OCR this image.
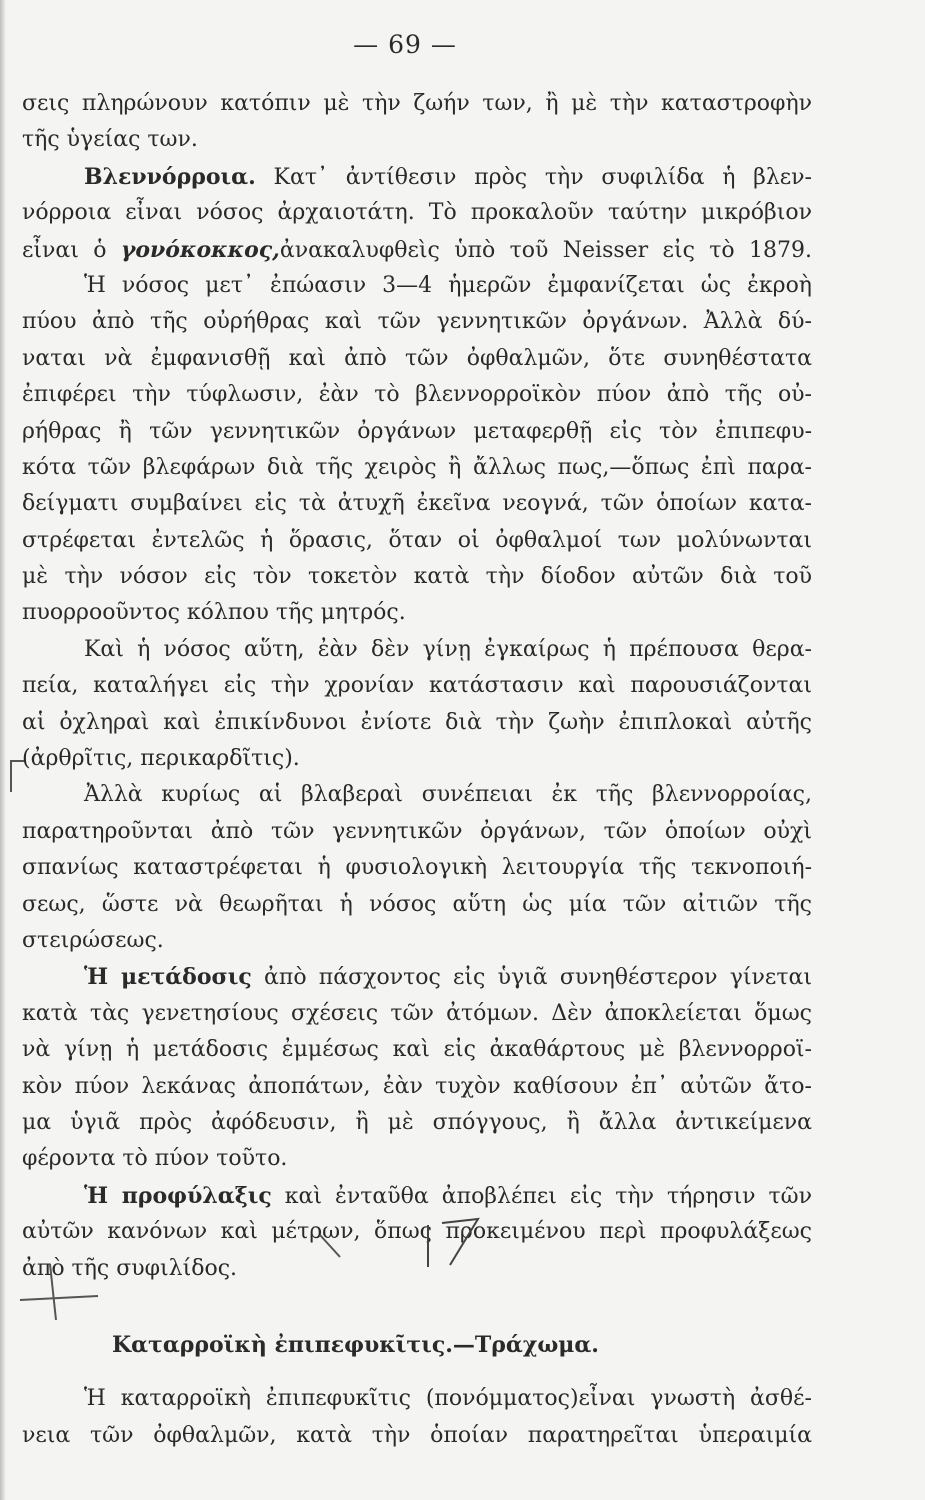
— 69 —
σεις πληρώνουν κατόπιν μὲ τὴν ζωήν των, ἢ μὲ τὴν καταστροφὴν
τῆς ὑγείας των.
Βλεννόρροια. Κατ᾽ ἀντίθεσιν πρὸς τὴν συφιλίδα ἡ βλεν-
νόρροια εἶναι νόσος ἀρχαιοτάτη. Τὸ προκαλοῦν ταύτην μικρόβιον
εἶναι ὁ γονόκοκκος,ἀνακαλυφθεὶς ὑπὸ τοῦ Neisser εἰς τὸ 1879.
Ἡ νόσος μετ᾽ ἐπώασιν 3—4 ἡμερῶν ἐμφανίζεται ὡς ἐκροὴ
πύου ἀπὸ τῆς οὐρήθρας καὶ τῶν γεννητικῶν ὀργάνων. Ἀλλὰ δύ-
ναται νὰ ἐμφανισθῇ καὶ ἀπὸ τῶν ὀφθαλμῶν, ὅτε συνηθέστατα
ἐπιφέρει τὴν τύφλωσιν, ἐὰν τὸ βλεννορροϊκὸν πύον ἀπὸ τῆς οὐ-
ρήθρας ἢ τῶν γεννητικῶν ὀργάνων μεταφερθῇ εἰς τὸν ἐπιπεφυ-
κότα τῶν βλεφάρων διὰ τῆς χειρὸς ἢ ἄλλως πως,—ὅπως ἐπὶ παρα-
δείγματι συμβαίνει εἰς τὰ ἀτυχῆ ἐκεῖνα νεογνά, τῶν ὁποίων κατα-
στρέφεται ἐντελῶς ἡ ὅρασις, ὅταν οἱ ὀφθαλμοί των μολύνωνται
μὲ τὴν νόσον εἰς τὸν τοκετὸν κατὰ τὴν δίοδον αὐτῶν διὰ τοῦ
πυορρooῦντος κόλπου τῆς μητρός.
Καὶ ἡ νόσος αὕτη, ἐὰν δὲν γίνῃ ἐγκαίρως ἡ πρέπουσα θερα-
πεία, καταλήγει εἰς τὴν χρονίαν κατάστασιν καὶ παρουσιάζονται
αἱ ὀχληραὶ καὶ ἐπικίνδυνοι ἐνίοτε διὰ τὴν ζωὴν ἐπιπλοκαὶ αὐτῆς
(ἀρθρῖτις, περικαρδῖτις).
Ἀλλὰ κυρίως αἱ βλαβεραὶ συνέπειαι ἐκ τῆς βλεννορροίας,
παρατηροῦνται ἀπὸ τῶν γεννητικῶν ὀργάνων, τῶν ὁποίων οὐχὶ
σπανίως καταστρέφεται ἡ φυσιολογικὴ λειτουργία τῆς τεκνοποιή-
σεως, ὥστε νὰ θεωρῆται ἡ νόσος αὕτη ὡς μία τῶν αἰτιῶν τῆς
στειρώσεως.
Ἡ μετάδοσις ἀπὸ πάσχοντος εἰς ὑγιᾶ συνηθέστερον γίνεται
κατὰ τὰς γενετησίους σχέσεις τῶν ἀτόμων. Δὲν ἀποκλείεται ὅμως
νὰ γίνῃ ἡ μετάδοσις ἐμμέσως καὶ εἰς ἀκαθάρτους μὲ βλεννορροϊ-
κὸν πύον λεκάνας ἀποπάτων, ἐὰν τυχὸν καθίσουν ἐπ᾽ αὐτῶν ἄτο-
μα ὑγιᾶ πρὸς ἀφόδευσιν, ἢ μὲ σπόγγους, ἢ ἄλλα ἀντικείμενα
φέροντα τὸ πύον τοῦτο.
Ἡ προφύλαξις καὶ ἐνταῦθα ἀποβλέπει εἰς τὴν τήρησιν τῶν
αὐτῶν κανόνων καὶ μέτρων, ὅπως προκειμένου περὶ προφυλάξεως
ἀπὸ τῆς συφιλίδος.
Καταρροϊκὴ ἐπιπεφυκῖτις.—Τράχωμα.
Ἡ καταρροϊκὴ ἐπιπεφυκῖτις (πονόμματος)εἶναι γνωστὴ ἀσθέ-
νεια τῶν ὀφθαλμῶν, κατὰ τὴν ὁποίαν παρατηρεῖται ὑπεραιμία
